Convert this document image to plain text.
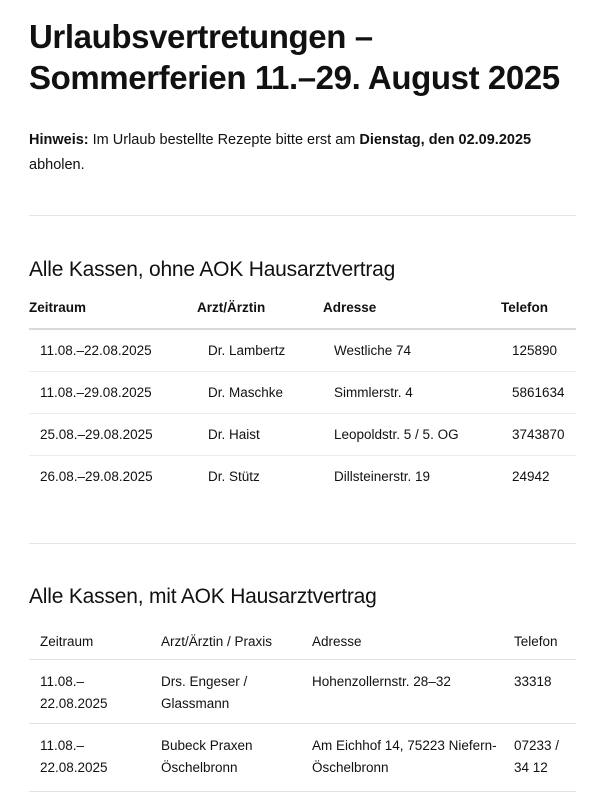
Urlaubsvertretungen –
Sommerferien 11.–29. August 2025

Hinweis: Im Urlaub bestellte Rezepte bitte erst am Dienstag, den 02.09.2025 abholen.

Alle Kassen, ohne AOK Hausarztvertrag
Zeitraum	Arzt/Ärztin	Adresse	Telefon
11.08.–22.08.2025	Dr. Lambertz	Westliche 74	125890
11.08.–29.08.2025	Dr. Maschke	Simmlerstr. 4	5861634
25.08.–29.08.2025	Dr. Haist	Leopoldstr. 5 / 5. OG	3743870
26.08.–29.08.2025	Dr. Stütz	Dillsteinerstr. 19	24942
Alle Kassen, mit AOK Hausarztvertrag
Zeitraum	Arzt/Ärztin / Praxis	Adresse	Telefon
11.08.– 22.08.2025	Drs. Engeser / Glassmann	Hohenzollernstr. 28–32	33318
11.08.– 22.08.2025	Bubeck Praxen Öschelbronn	Am Eichhof 14, 75223 Niefern-Öschelbronn	07233 / 34 12
